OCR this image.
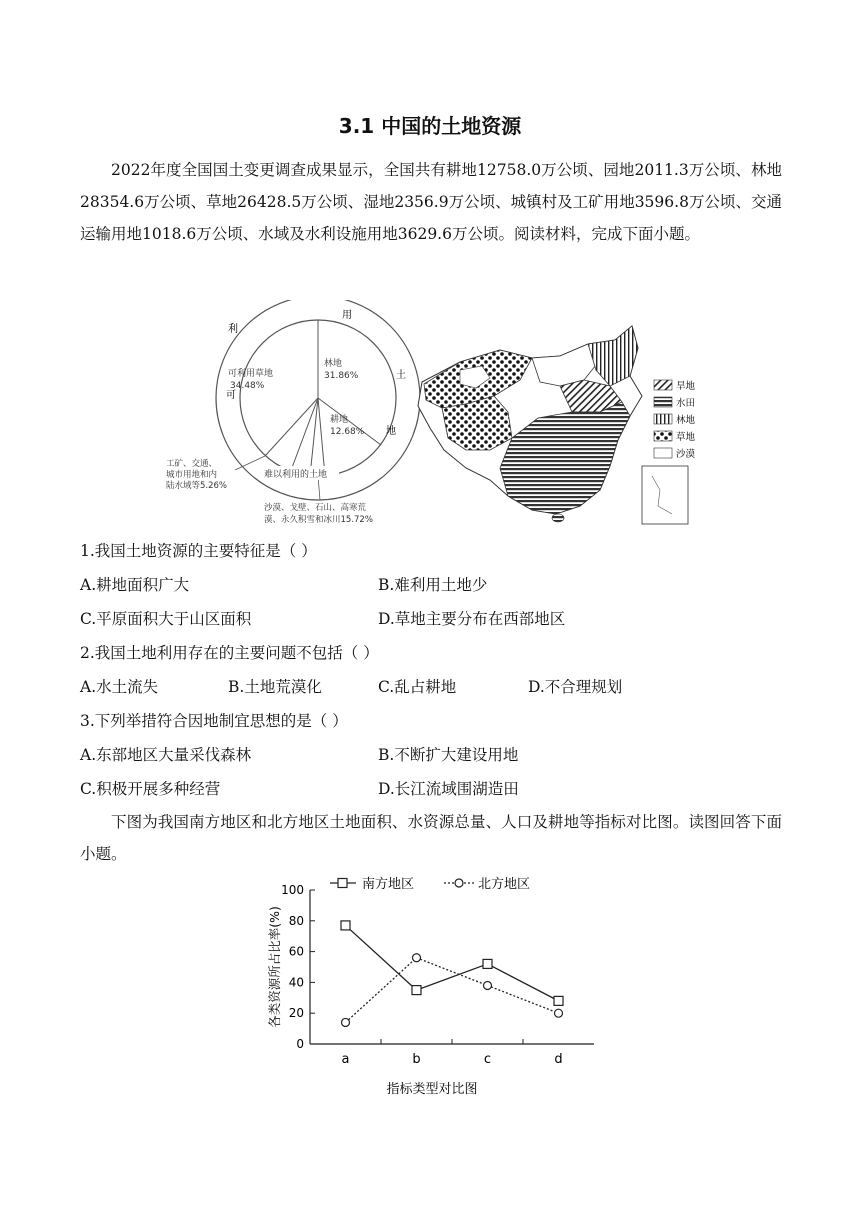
3.1 中国的土地资源
2022年度全国国土变更调查成果显示，全国共有耕地12758.0万公顷、园地2011.3万公顷、林地28354.6万公顷、草地26428.5万公顷、湿地2356.9万公顷、城镇村及工矿用地3596.8万公顷、交通运输用地1018.6万公顷、水域及水利设施用地3629.6万公顷。阅读材料，完成下面小题。
用
土
地
可
利
林地
31.86%
耕地
12.68%
可利用草地
34.48%
难以利用的土地
工矿、交通、
城市用地和内
陆水域等5.26%
沙漠、戈壁、石山、高寒荒
漠、永久积雪和冰川15.72%
旱地
水田
林地
草地
沙漠
1.我国土地资源的主要特征是（ ）
A.耕地面积广大	B.难利用土地少
C.平原面积大于山区面积	D.草地主要分布在西部地区
2.我国土地利用存在的主要问题不包括（ ）
A.水土流失	B.土地荒漠化	C.乱占耕地	D.不合理规划
3.下列举措符合因地制宜思想的是（ ）
A.东部地区大量采伐森林	B.不断扩大建设用地
C.积极开展多种经营	D.长江流域围湖造田
下图为我国南方地区和北方地区土地面积、水资源总量、人口及耕地等指标对比图。读图回答下面小题。
0
20
40
60
80
100
a	b	c	d
南方地区	北方地区
各类资源所占比率(%)
指标类型对比图
